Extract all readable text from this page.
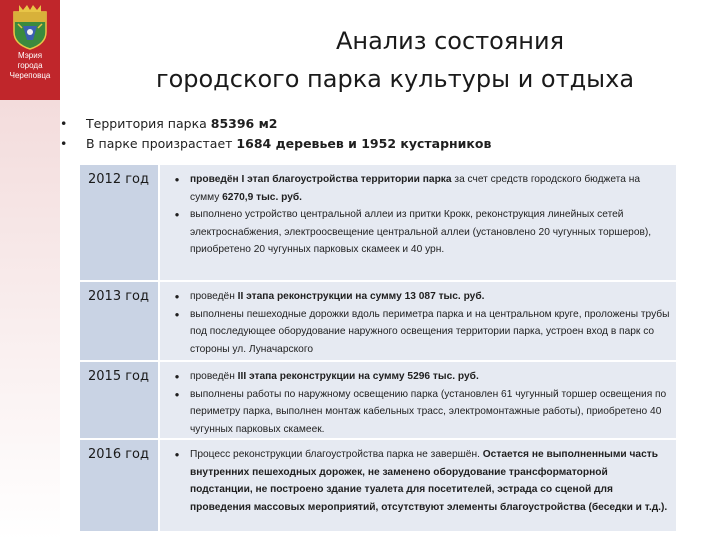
Мэрия
города
Череповца
Анализ состояния
городского парка культуры и отдыха
•	Территория парка 85396 м2
•	В парке произрастает 1684 деревьев и 1952 кустарников
2012 год	●	проведён I этап благоустройства территории парка за счет средств городского бюджета на сумму 6270,9 тыс. руб.
●	выполнено устройство центральной аллеи из притки Крокк, реконструкция линейных сетей электроснабжения, электроосвещение центральной аллеи (установлено 20 чугунных торшеров), приобретено 20 чугунных парковых скамеек и 40 урн.
2013 год	●	проведён II этапа реконструкции на сумму 13 087 тыс. руб.
●	выполнены пешеходные дорожки вдоль периметра парка и на центральном круге, проложены трубы под последующее оборудование наружного освещения территории парка, устроен вход в парк со стороны ул. Луначарского
2015 год	●	проведён III этапа реконструкции на сумму 5296 тыс. руб.
●	выполнены работы по наружному освещению парка (установлен 61 чугунный торшер освещения по периметру парка, выполнен монтаж кабельных трасс, электромонтажные работы), приобретено 40 чугунных парковых скамеек.
2016 год	●	Процесс реконструкции благоустройства парка не завершён. Остается не выполненными часть внутренних пешеходных дорожек, не заменено оборудование трансформаторной подстанции, не построено здание туалета для посетителей, эстрада со сценой для проведения массовых мероприятий, отсутствуют элементы благоустройства (беседки и т.д.).
